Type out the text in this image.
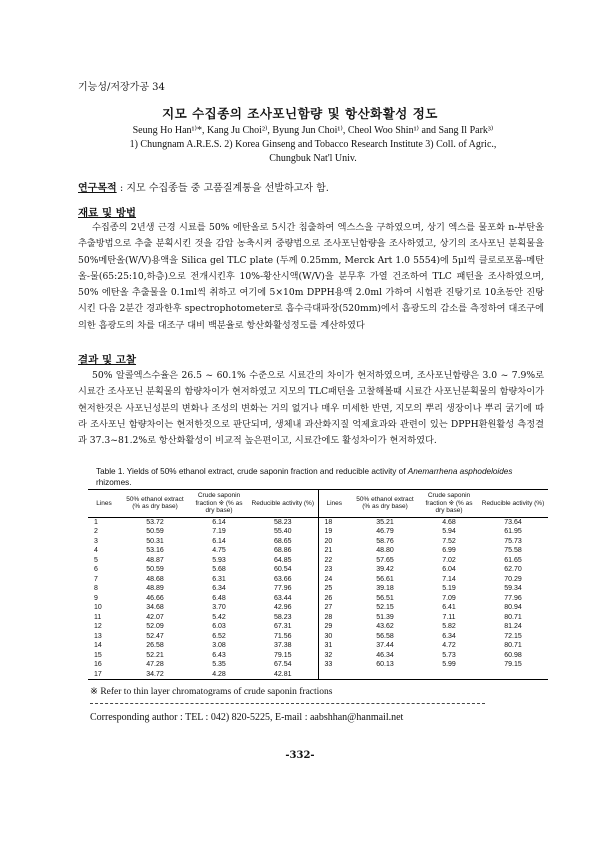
기능성/저장가공 34
지모 수집종의 조사포닌함량 및 항산화활성 정도
Seung Ho Han¹⁾*, Kang Ju Choi²⁾, Byung Jun Choi¹⁾, Cheol Woo Shin¹⁾ and Sang Il Park³⁾
1) Chungnam A.R.E.S. 2) Korea Ginseng and Tobacco Research Institute 3) Coll. of Agric.,
Chungbuk Nat'l Univ.
연구목적 : 지모 수집종들 중 고품질계통을 선발하고자 함.
재료 및 방법
수집종의 2년생 근경 시료를 50% 에탄올로 5시간 침출하여 엑스스을 구하였으며, 상기 엑스를 물포화 n-부탄올 추출방법으로 추출 분획시킨 것을 감압 농축시켜 중량법으로 조사포닌함량을 조사하였고, 상기의 조사포닌 분획물을 50%메탄올(W/V)용액을 Silica gel TLC plate (두께 0.25mm, Merck Art 1.0 5554)에 5μl씩 클로로포롬-메탄올-물(65:25:10,하층)으로 전개시킨후 10%-황산시액(W/V)을 분무후 가열 건조하여 TLC 패턴을 조사하였으며, 50% 에탄올 추출물을 0.1ml씩 취하고 여기에 5×10m DPPH용액 2.0ml 가하여 시험관 진탕기로 10초동안 진탕시킨 다음 2분간 경과한후 spectrophotometer로 흡수극대파장(520mm)에서 흡광도의 감소를 측정하여 대조구에 의한 흡광도의 차를 대조구 대비 백분율로 항산화활성정도를 계산하였다
결과 및 고찰
50% 알콜엑스수율은 26.5 ~ 60.1% 수준으로 시료간의 차이가 현저하였으며, 조사포닌함량은 3.0 ~ 7.9%로 시료간 조사포닌 분획물의 함량차이가 현저하였고 지모의 TLC패턴을 고찰해볼때 시료간 사포닌분획물의 함량차이가 현저한것은 사포닌성분의 변화나 조성의 변화는 거의 없거나 매우 미세한 반면, 지모의 뿌리 생장이나 뿌리 굵기에 따라 조사포닌 함량차이는 현저한것으로 판단되며, 생체내 과산화지질 억제효과와 관련이 있는 DPPH환원활성 측정결과 37.3~81.2%로 항산화활성이 비교적 높은편이고, 시료간에도 활성차이가 현저하였다.
Table 1. Yields of 50% ethanol extract, crude saponin fraction and reducible activity of Anemarrhena asphodeloides rhizomes.
Lines	50% ethanol extract (% as dry base)	Crude saponin fraction ※ (% as dry base)	Reducible activity (%)	Lines	50% ethanol extract (% as dry base)	Crude saponin fraction ※ (% as dry base)	Reducible activity (%)
1	53.72	6.14	58.23	18	35.21	4.68	73.64
2	50.59	7.19	55.40	19	46.79	5.94	61.95
3	50.31	6.14	68.65	20	58.76	7.52	75.73
4	53.16	4.75	68.86	21	48.80	6.99	75.58
5	48.87	5.93	64.85	22	57.65	7.02	61.65
6	50.59	5.68	60.54	23	39.42	6.04	62.70
7	48.68	6.31	63.66	24	56.61	7.14	70.29
8	48.89	6.34	77.96	25	39.18	5.19	59.34
9	46.66	6.48	63.44	26	56.51	7.09	77.96
10	34.68	3.70	42.96	27	52.15	6.41	80.94
11	42.07	5.42	58.23	28	51.39	7.11	80.71
12	52.09	6.03	67.31	29	43.62	5.82	81.24
13	52.47	6.52	71.56	30	56.58	6.34	72.15
14	26.58	3.08	37.38	31	37.44	4.72	80.71
15	52.21	6.43	79.15	32	46.34	5.73	60.98
16	47.28	5.35	67.54	33	60.13	5.99	79.15
17	34.72	4.28	42.81				
※ Refer to thin layer chromatograms of crude saponin fractions
Corresponding author : TEL : 042) 820-5225, E-mail : aabshhan@hanmail.net
-332-
